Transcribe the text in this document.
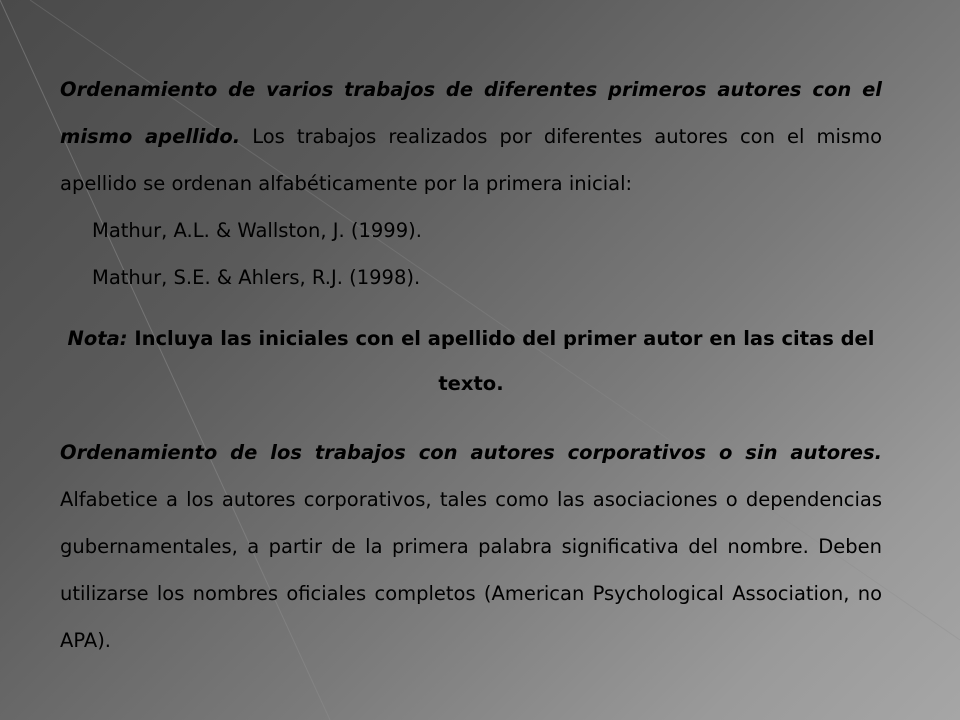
Ordenamiento de varios trabajos de diferentes primeros autores con el mismo apellido. Los trabajos realizados por diferentes autores con el mismo apellido se ordenan alfabéticamente por la primera inicial:

Mathur, A.L. & Wallston, J. (1999).

Mathur, S.E. & Ahlers, R.J. (1998).

Nota: Incluya las iniciales con el apellido del primer autor en las citas del texto.

Ordenamiento de los trabajos con autores corporativos o sin autores. Alfabetice a los autores corporativos, tales como las asociaciones o dependencias gubernamentales, a partir de la primera palabra significativa del nombre. Deben utilizarse los nombres oficiales completos (American Psychological Association, no APA).
